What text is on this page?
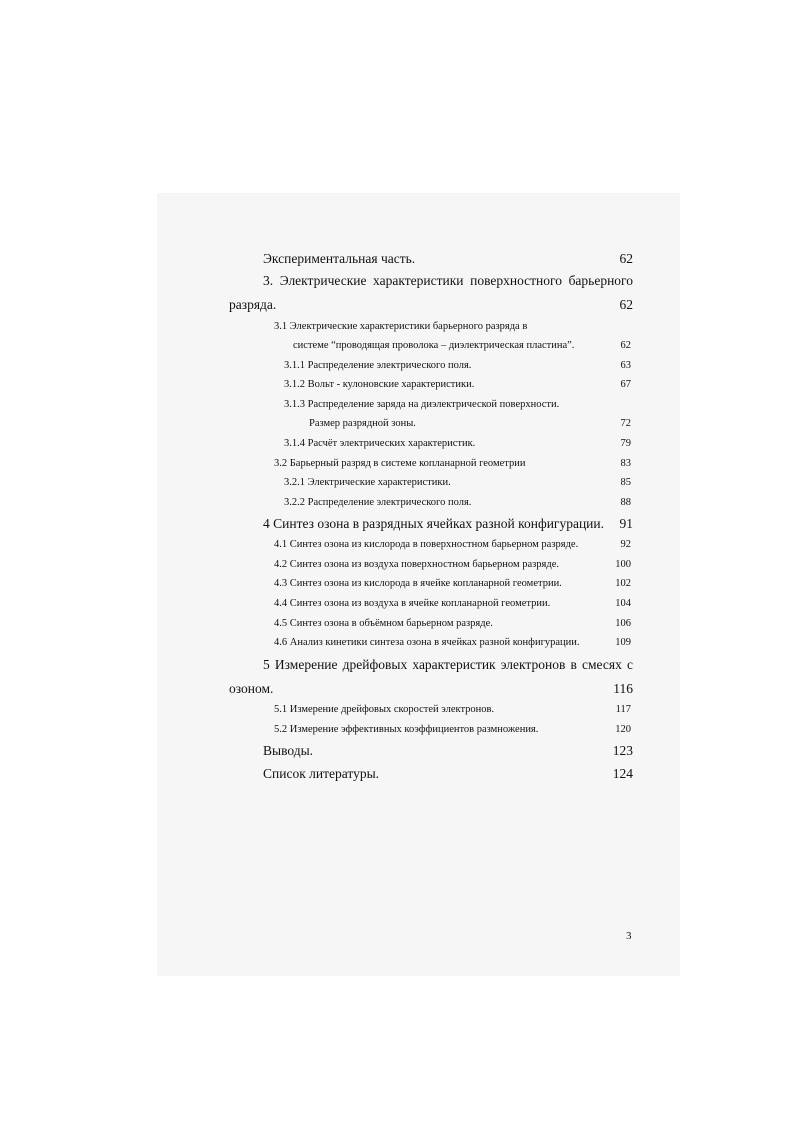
Экспериментальная часть.	62
3. Электрические характеристики поверхностного барьерного
разряда.	62
3.1 Электрические характеристики барьерного разряда в
системе “проводящая проволока – диэлектрическая пластина”.	62
3.1.1 Распределение электрического поля.	63
3.1.2 Вольт - кулоновские характеристики.	67
3.1.3 Распределение заряда на диэлектрической поверхности.
Размер разрядной зоны.	72
3.1.4 Расчёт электрических характеристик.	79
3.2 Барьерный разряд в системе копланарной геометрии	83
3.2.1 Электрические характеристики.	85
3.2.2 Распределение электрического поля.	88
4 Синтез озона в разрядных ячейках разной конфигурации. 91
4.1 Синтез озона из кислорода в поверхностном барьерном разряде.	92
4.2 Синтез озона из воздуха поверхностном барьерном разряде.	100
4.3 Синтез озона из кислорода в ячейке копланарной геометрии.	102
4.4 Синтез озона из воздуха в ячейке копланарной геометрии.	104
4.5 Синтез озона в объёмном барьерном разряде.	106
4.6 Анализ кинетики синтеза озона в ячейках разной конфигурации.	109
5 Измерение дрейфовых характеристик электронов в смесях с
озоном.	116
5.1 Измерение дрейфовых скоростей электронов.	117
5.2 Измерение эффективных коэффициентов размножения.	120
Выводы.	123
Список литературы.	124
3
